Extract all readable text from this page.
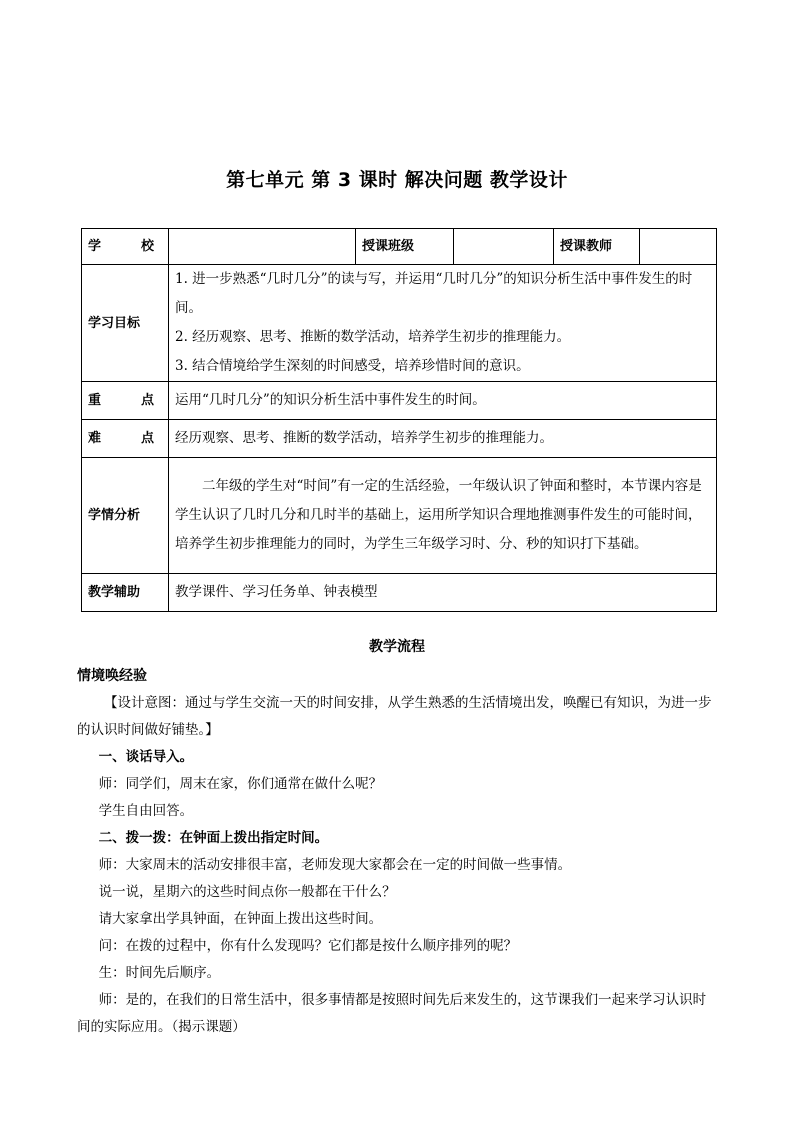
第七单元 第 3 课时 解决问题 教学设计
学 校		授课班级		授课教师	
学习目标	1. 进一步熟悉“几时几分”的读与写，并运用“几时几分”的知识分析生活中事件发生的时间。

2. 经历观察、思考、推断的数学活动，培养学生初步的推理能力。

3. 结合情境给学生深刻的时间感受，培养珍惜时间的意识。				

重 点	运用“几时几分”的知识分析生活中事件发生的时间。				
难 点	经历观察、思考、推断的数学活动，培养学生初步的推理能力。				
学情分析	二年级的学生对“时间”有一定的生活经验，一年级认识了钟面和整时，本节课内容是学生认识了几时几分和几时半的基础上，运用所学知识合理地推测事件发生的可能时间，培养学生初步推理能力的同时，为学生三年级学习时、分、秒的知识打下基础。				

教学辅助	教学课件、学习任务单、钟表模型				
教学流程

情境唤经验

【设计意图：通过与学生交流一天的时间安排，从学生熟悉的生活情境出发，唤醒已有知识，为进一步的认识时间做好铺垫。】

一、谈话导入。

师：同学们，周末在家，你们通常在做什么呢？

学生自由回答。

二、拨一拨：在钟面上拨出指定时间。

师：大家周末的活动安排很丰富，老师发现大家都会在一定的时间做一些事情。

说一说，星期六的这些时间点你一般都在干什么？

请大家拿出学具钟面，在钟面上拨出这些时间。

问：在拨的过程中，你有什么发现吗？它们都是按什么顺序排列的呢？

生：时间先后顺序。

师：是的，在我们的日常生活中，很多事情都是按照时间先后来发生的，这节课我们一起来学习认识时间的实际应用。（揭示课题）
